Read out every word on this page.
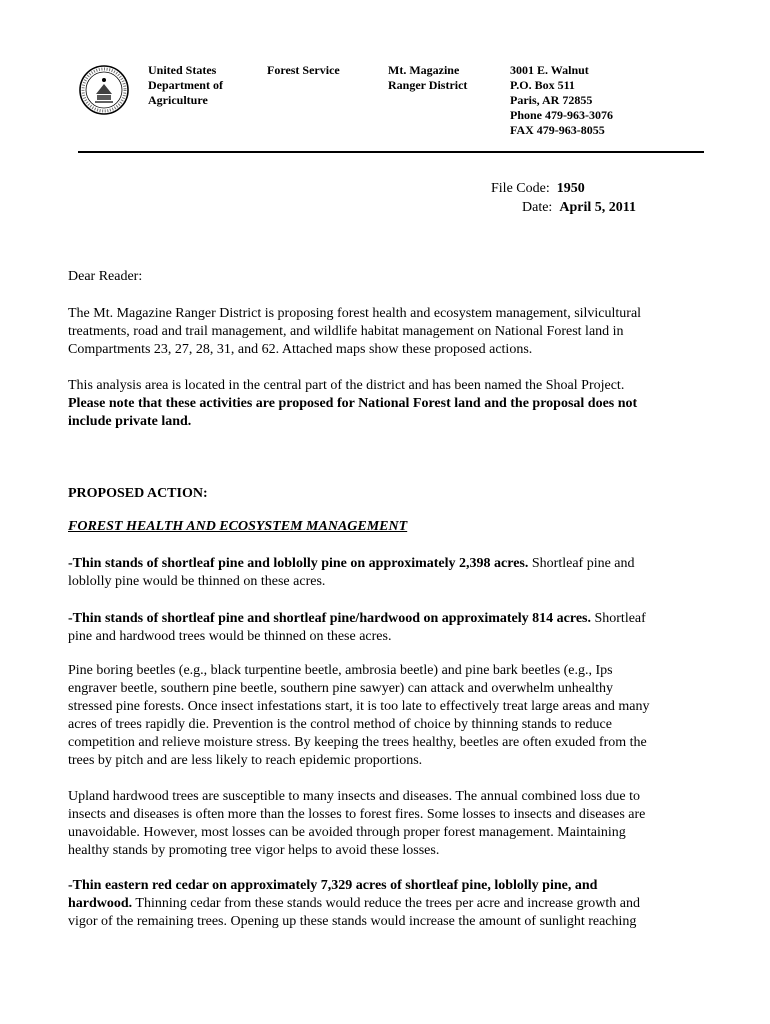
United States
Department of
Agriculture
Forest Service	Mt. Magazine
Ranger District
3001 E. Walnut
P.O. Box 511
Paris, AR 72855
Phone 479-963-3076
FAX 479-963-8055
File Code: 1950
Date: April 5, 2011
Dear Reader:
The Mt. Magazine Ranger District is proposing forest health and ecosystem management, silvicultural
treatments, road and trail management, and wildlife habitat management on National Forest land in
Compartments 23, 27, 28, 31, and 62. Attached maps show these proposed actions.
This analysis area is located in the central part of the district and has been named the Shoal Project.
Please note that these activities are proposed for National Forest land and the proposal does not
include private land.
PROPOSED ACTION:
FOREST HEALTH AND ECOSYSTEM MANAGEMENT
-Thin stands of shortleaf pine and loblolly pine on approximately 2,398 acres. Shortleaf pine and
loblolly pine would be thinned on these acres.
-Thin stands of shortleaf pine and shortleaf pine/hardwood on approximately 814 acres. Shortleaf
pine and hardwood trees would be thinned on these acres.
Pine boring beetles (e.g., black turpentine beetle, ambrosia beetle) and pine bark beetles (e.g., Ips
engraver beetle, southern pine beetle, southern pine sawyer) can attack and overwhelm unhealthy
stressed pine forests. Once insect infestations start, it is too late to effectively treat large areas and many
acres of trees rapidly die. Prevention is the control method of choice by thinning stands to reduce
competition and relieve moisture stress. By keeping the trees healthy, beetles are often exuded from the
trees by pitch and are less likely to reach epidemic proportions.
Upland hardwood trees are susceptible to many insects and diseases. The annual combined loss due to
insects and diseases is often more than the losses to forest fires. Some losses to insects and diseases are
unavoidable. However, most losses can be avoided through proper forest management. Maintaining
healthy stands by promoting tree vigor helps to avoid these losses.
-Thin eastern red cedar on approximately 7,329 acres of shortleaf pine, loblolly pine, and
hardwood. Thinning cedar from these stands would reduce the trees per acre and increase growth and
vigor of the remaining trees. Opening up these stands would increase the amount of sunlight reaching
